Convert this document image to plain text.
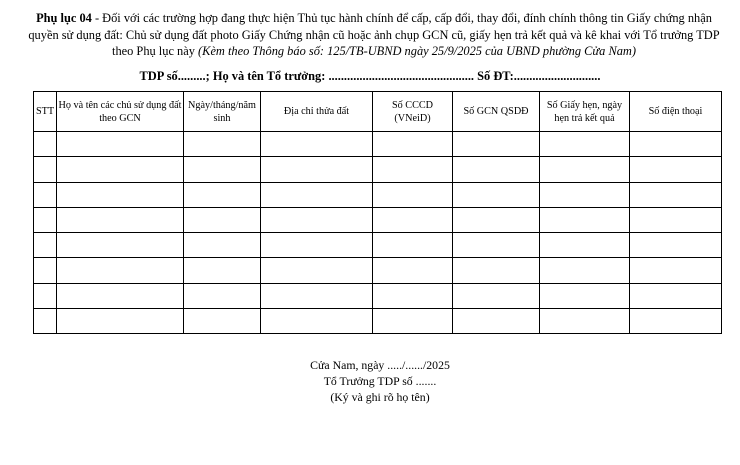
Phụ lục 04 - Đối với các trường hợp đang thực hiện Thủ tục hành chính để cấp, cấp đổi, thay đổi, đính chính thông tin Giấy chứng nhận quyền sử dụng đất: Chủ sử dụng đất photo Giấy Chứng nhận cũ hoặc ảnh chụp GCN cũ, giấy hẹn trả kết quả và kê khai với Tổ trưởng TDP theo Phụ lục này (Kèm theo Thông báo số: 125/TB-UBND ngày 25/9/2025 của UBND phường Cửa Nam)
TDP số.........; Họ và tên Tổ trưởng: ............................................... Số ĐT:............................
STT	Họ và tên các chủ sử dụng đất theo GCN	Ngày/tháng/năm sinh	Địa chỉ thửa đất	Số CCCD (VNeiD)	Số GCN QSDĐ	Số Giấy hẹn, ngày hẹn trả kết quả	Số điện thoại

Cửa Nam, ngày ...../....../2025
Tổ Trưởng TDP số .......
(Ký và ghi rõ họ tên)
